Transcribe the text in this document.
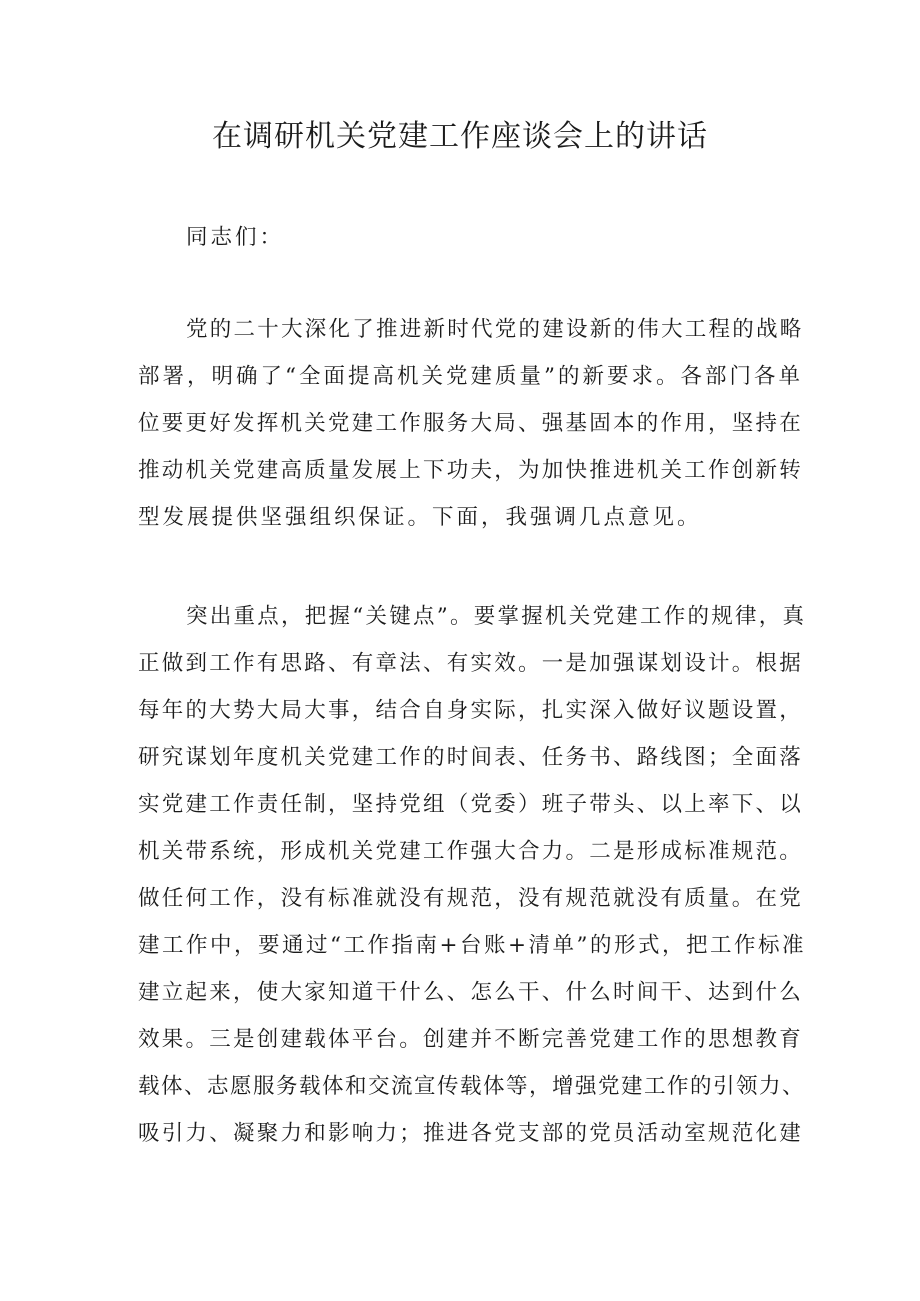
在调研机关党建工作座谈会上的讲话

同志们：

党的二十大深化了推进新时代党的建设新的伟大工程的战略

部署，明确了“全面提高机关党建质量”的新要求。各部门各单

位要更好发挥机关党建工作服务大局、强基固本的作用，坚持在

推动机关党建高质量发展上下功夫，为加快推进机关工作创新转

型发展提供坚强组织保证。下面，我强调几点意见。

突出重点，把握“关键点”。要掌握机关党建工作的规律，真

正做到工作有思路、有章法、有实效。一是加强谋划设计。根据

每年的大势大局大事，结合自身实际，扎实深入做好议题设置，

研究谋划年度机关党建工作的时间表、任务书、路线图；全面落

实党建工作责任制，坚持党组（党委）班子带头、以上率下、以

机关带系统，形成机关党建工作强大合力。二是形成标准规范。

做任何工作，没有标准就没有规范，没有规范就没有质量。在党

建工作中，要通过“工作指南+台账+清单”的形式，把工作标准

建立起来，使大家知道干什么、怎么干、什么时间干、达到什么

效果。三是创建载体平台。创建并不断完善党建工作的思想教育

载体、志愿服务载体和交流宣传载体等，增强党建工作的引领力、

吸引力、凝聚力和影响力；推进各党支部的党员活动室规范化建
